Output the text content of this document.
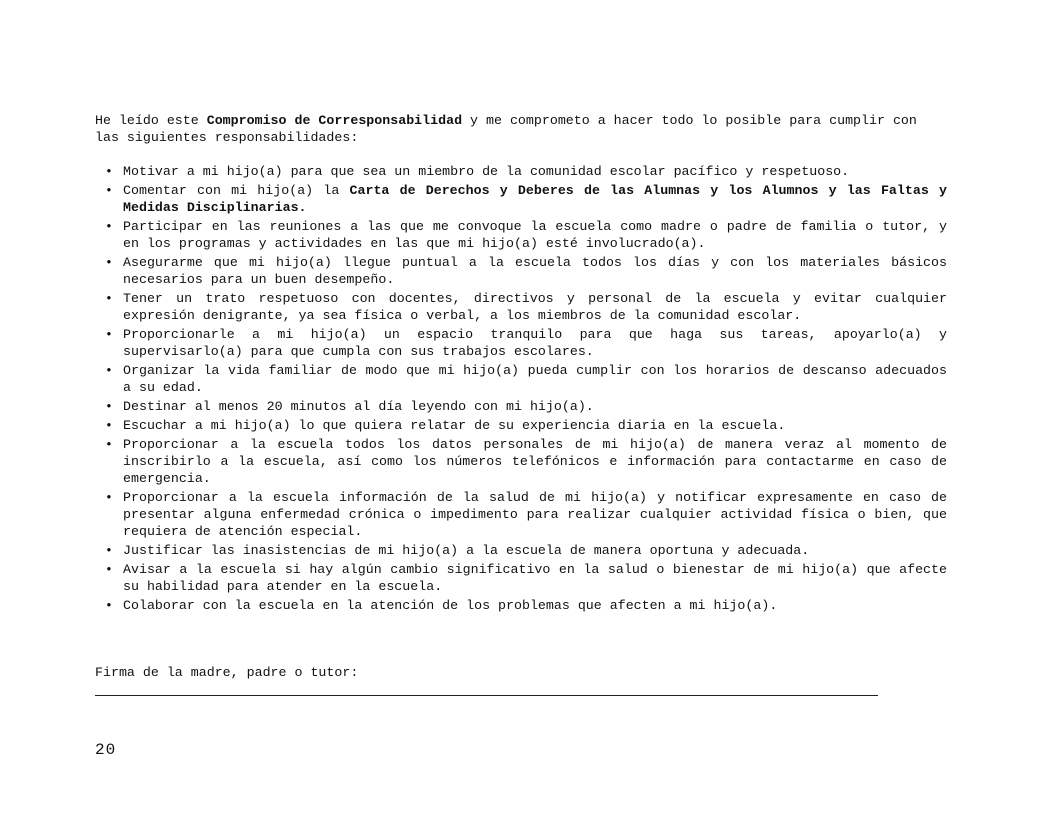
He leído este Compromiso de Corresponsabilidad y me comprometo a hacer todo lo posible para cumplir con las siguientes responsabilidades:

• Motivar a mi hijo(a) para que sea un miembro de la comunidad escolar pacífico y respetuoso.
• Comentar con mi hijo(a) la Carta de Derechos y Deberes de las Alumnas y los Alumnos y las Faltas y Medidas Disciplinarias.
• Participar en las reuniones a las que me convoque la escuela como madre o padre de familia o tutor, y en los programas y actividades en las que mi hijo(a) esté involucrado(a).
• Asegurarme que mi hijo(a) llegue puntual a la escuela todos los días y con los materiales básicos necesarios para un buen desempeño.
• Tener un trato respetuoso con docentes, directivos y personal de la escuela y evitar cualquier expresión denigrante, ya sea física o verbal, a los miembros de la comunidad escolar.
• Proporcionarle a mi hijo(a) un espacio tranquilo para que haga sus tareas, apoyarlo(a) y supervisarlo(a) para que cumpla con sus trabajos escolares.
• Organizar la vida familiar de modo que mi hijo(a) pueda cumplir con los horarios de descanso adecuados a su edad.
• Destinar al menos 20 minutos al día leyendo con mi hijo(a).
• Escuchar a mi hijo(a) lo que quiera relatar de su experiencia diaria en la escuela.
• Proporcionar a la escuela todos los datos personales de mi hijo(a) de manera veraz al momento de inscribirlo a la escuela, así como los números telefónicos e información para contactarme en caso de emergencia.
• Proporcionar a la escuela información de la salud de mi hijo(a) y notificar expresamente en caso de presentar alguna enfermedad crónica o impedimento para realizar cualquier actividad física o bien, que requiera de atención especial.
• Justificar las inasistencias de mi hijo(a) a la escuela de manera oportuna y adecuada.
• Avisar a la escuela si hay algún cambio significativo en la salud o bienestar de mi hijo(a) que afecte su habilidad para atender en la escuela.
• Colaborar con la escuela en la atención de los problemas que afecten a mi hijo(a).
Firma de la madre, padre o tutor:
20
